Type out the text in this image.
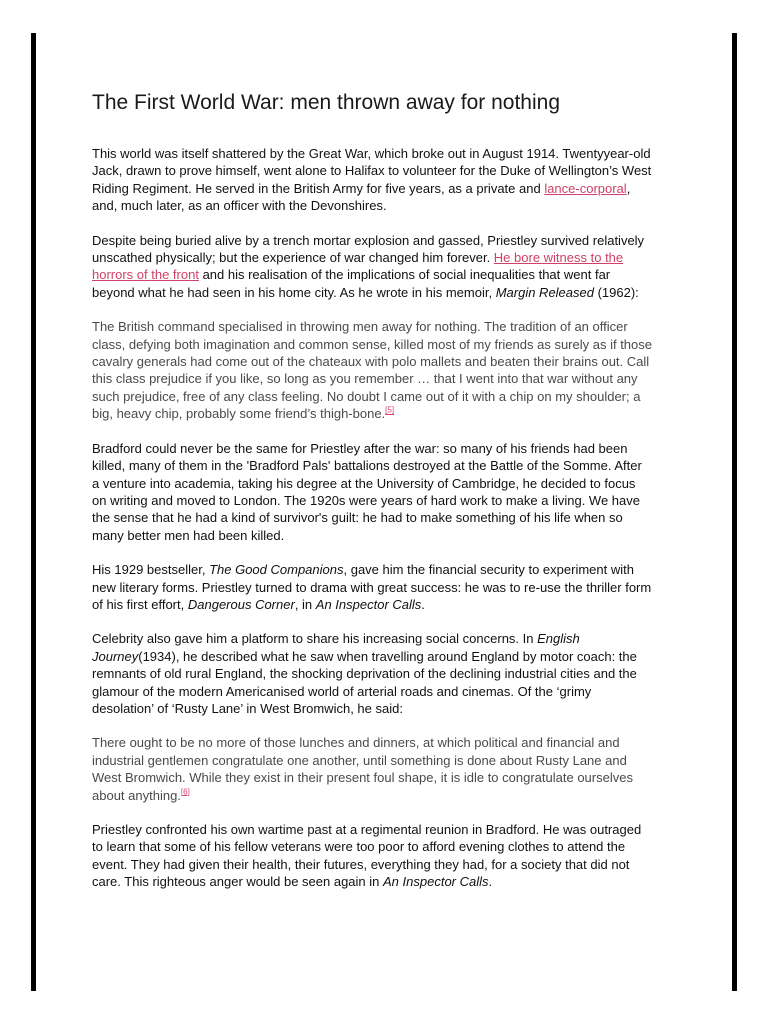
The First World War: men thrown away for nothing

This world was itself shattered by the Great War, which broke out in August 1914. Twentyyear-old Jack, drawn to prove himself, went alone to Halifax to volunteer for the Duke of Wellington’s West Riding Regiment. He served in the British Army for five years, as a private and lance-corporal, and, much later, as an officer with the Devonshires.

Despite being buried alive by a trench mortar explosion and gassed, Priestley survived relatively unscathed physically; but the experience of war changed him forever. He bore witness to the horrors of the front and his realisation of the implications of social inequalities that went far beyond what he had seen in his home city. As he wrote in his memoir, Margin Released (1962):

The British command specialised in throwing men away for nothing. The tradition of an officer class, defying both imagination and common sense, killed most of my friends as surely as if those cavalry generals had come out of the chateaux with polo mallets and beaten their brains out. Call this class prejudice if you like, so long as you remember … that I went into that war without any such prejudice, free of any class feeling. No doubt I came out of it with a chip on my shoulder; a big, heavy chip, probably some friend’s thigh-bone.[5]

Bradford could never be the same for Priestley after the war: so many of his friends had been killed, many of them in the 'Bradford Pals' battalions destroyed at the Battle of the Somme. After a venture into academia, taking his degree at the University of Cambridge, he decided to focus on writing and moved to London. The 1920s were years of hard work to make a living. We have the sense that he had a kind of survivor's guilt: he had to make something of his life when so many better men had been killed.

His 1929 bestseller, The Good Companions, gave him the financial security to experiment with new literary forms. Priestley turned to drama with great success: he was to re-use the thriller form of his first effort, Dangerous Corner, in An Inspector Calls.

Celebrity also gave him a platform to share his increasing social concerns. In English Journey(1934), he described what he saw when travelling around England by motor coach: the remnants of old rural England, the shocking deprivation of the declining industrial cities and the glamour of the modern Americanised world of arterial roads and cinemas. Of the ‘grimy desolation’ of ‘Rusty Lane’ in West Bromwich, he said:

There ought to be no more of those lunches and dinners, at which political and financial and industrial gentlemen congratulate one another, until something is done about Rusty Lane and West Bromwich. While they exist in their present foul shape, it is idle to congratulate ourselves about anything.[6]

Priestley confronted his own wartime past at a regimental reunion in Bradford. He was outraged to learn that some of his fellow veterans were too poor to afford evening clothes to attend the event. They had given their health, their futures, everything they had, for a society that did not care. This righteous anger would be seen again in An Inspector Calls.
